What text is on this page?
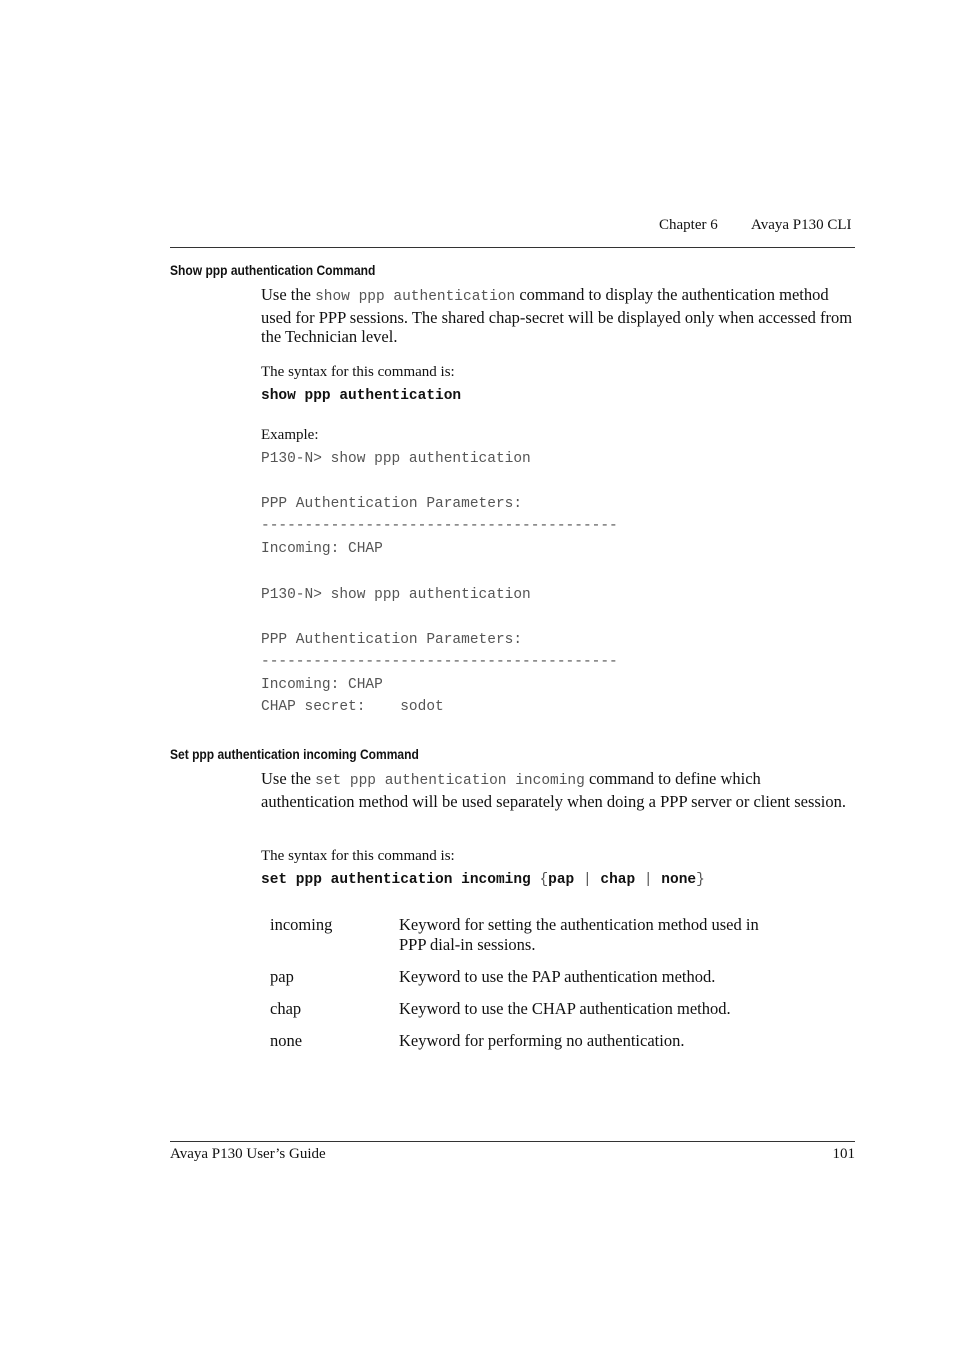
Chapter 6 Avaya P130 CLI
Show ppp authentication Command
Use the show ppp authentication command to display the authentication method used for PPP sessions. The shared chap-secret will be displayed only when accessed from the Technician level.
The syntax for this command is:
show ppp authentication
Example:
P130-N> show ppp authentication
PPP Authentication Parameters:
-----------------------------------------
Incoming: CHAP
P130-N> show ppp authentication
PPP Authentication Parameters:
-----------------------------------------
Incoming: CHAP
CHAP secret:    sodot
Set ppp authentication incoming Command
Use the set ppp authentication incoming command to define which authentication method will be used separately when doing a PPP server or client session.
The syntax for this command is:
set ppp authentication incoming {pap | chap | none}
incoming	Keyword for setting the authentication method used in PPP dial-in sessions.
pap	Keyword to use the PAP authentication method.
chap	Keyword to use the CHAP authentication method.
none	Keyword for performing no authentication.
Avaya P130 User’s Guide	101
